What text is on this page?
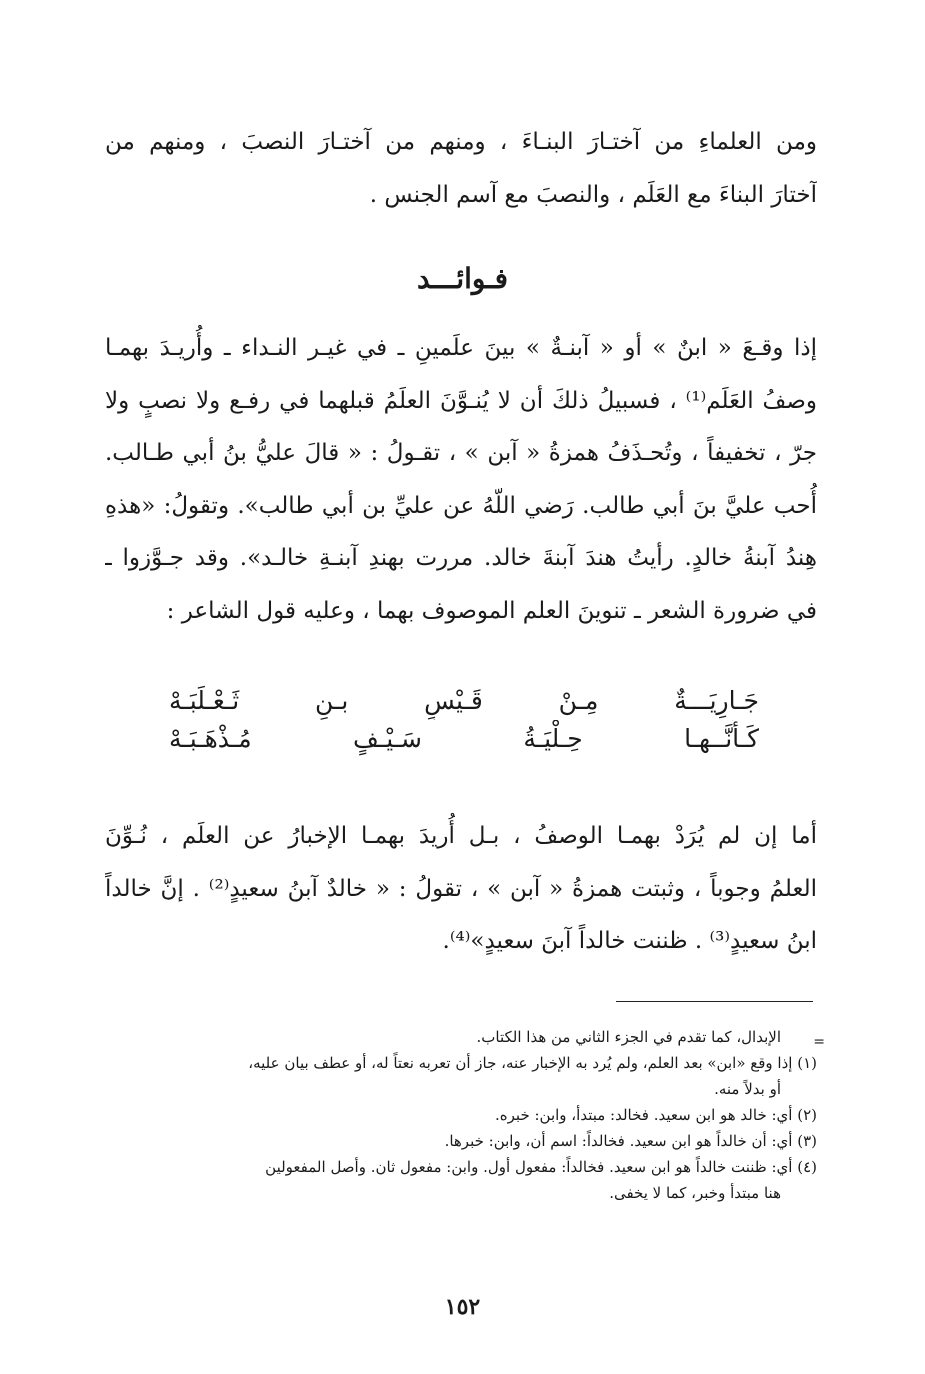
ومن العلماءِ من آختـارَ البنـاءَ ، ومنهم من آختـارَ النصبَ ، ومنهم من
آختارَ البناءَ مع العَلَم ، والنصبَ مع آسم الجنس .
فـوائـــد
إذا وقـعَ « ابنٌ » أو « آبنـةٌ » بينَ علَمينِ ـ في غيـر النـداء ـ وأُريـدَ بهمـا
وصفُ العَلَم⁽¹⁾ ، فسبيلُ ذلكَ أن لا يُنـوَّنَ العلَمُ قبلهما في رفـع ولا نصبٍ ولا
جرّ ، تخفيفاً ، وتُحـذَفُ همزةُ « آبن » ، تقـولُ : « قالَ عليُّ بنُ أبي طـالب.
أُحب عليَّ بنَ أبي طالب. رَضي اللّهُ عن عليِّ بن أبي طالب». وتقولُ: «هذهِ
هِندُ آبنةُ خالدٍ. رأيتُ هندَ آبنةَ خالد. مررت بهندِ آبنـةِ خالـد». وقد جـوَّزوا ـ
في ضرورة الشعر ـ تنوينَ العلم الموصوف بهما ، وعليه قول الشاعر :
جَـارِيَـــةٌ مِـنْ قَـيْسٍ بـنِ ثَـعْـلَبَـهْ
كَـأَنَّــهـا حِـلْيَـةُ سَـيْـفٍ مُـذْهَـبَـهْ
أما إن لم يُرَدْ بهمـا الوصفُ ، بـل أُريدَ بهمـا الإخبارُ عن العلَم ، نُـوِّنَ
العلمُ وجوباً ، وثبتت همزةُ « آبن » ، تقولُ : « خالدٌ آبنُ سعيدٍ⁽²⁾ . إنَّ خالداً
ابنُ سعيدٍ⁽³⁾ . ظننت خالداً آبنَ سعيدٍ»⁽⁴⁾.
=
الإبدال، كما تقدم في الجزء الثاني من هذا الكتاب.
(١) إذا وقع «ابن» بعد العلم، ولم يُرد به الإخبار عنه، جاز أن تعربه نعتاً له، أو عطف بيان عليه،
أو بدلاً منه.
(٢) أي: خالد هو ابن سعيد. فخالد: مبتدأ، وابن: خبره.
(٣) أي: أن خالداً هو ابن سعيد. فخالداً: اسم أن، وابن: خبرها.
(٤) أي: ظننت خالداً هو ابن سعيد. فخالداً: مفعول أول. وابن: مفعول ثان. وأصل المفعولين
هنا مبتدأ وخبر، كما لا يخفى.
١٥٢
